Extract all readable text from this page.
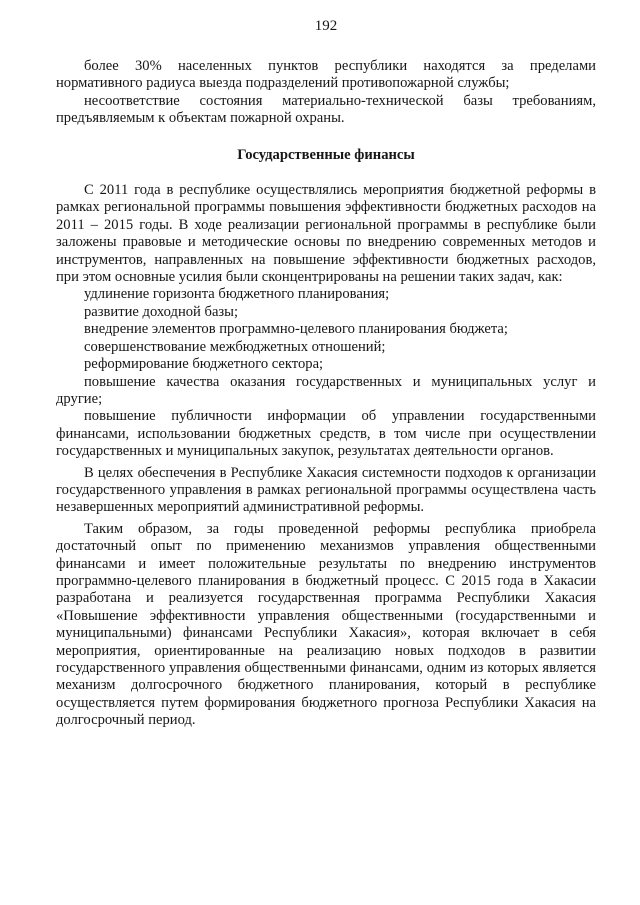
192

более 30% населенных пунктов республики находятся за пределами нормативного радиуса выезда подразделений противопожарной службы;

несоответствие состояния материально-технической базы требованиям, предъявляемым к объектам пожарной охраны.

Государственные финансы

С 2011 года в республике осуществлялись мероприятия бюджетной реформы в рамках региональной программы повышения эффективности бюджетных расходов на 2011 – 2015 годы. В ходе реализации региональной программы в республике были заложены правовые и методические основы по внедрению современных методов и инструментов, направленных на повышение эффективности бюджетных расходов, при этом основные усилия были сконцентрированы на решении таких задач, как:

удлинение горизонта бюджетного планирования;

развитие доходной базы;

внедрение элементов программно-целевого планирования бюджета;

совершенствование межбюджетных отношений;

реформирование бюджетного сектора;

повышение качества оказания государственных и муниципальных услуг и другие;

повышение публичности информации об управлении государственными финансами, использовании бюджетных средств, в том числе при осуществлении государственных и муниципальных закупок, результатах деятельности органов.

В целях обеспечения в Республике Хакасия системности подходов к организации государственного управления в рамках региональной программы осуществлена часть незавершенных мероприятий административной реформы.

Таким образом, за годы проведенной реформы республика приобрела достаточный опыт по применению механизмов управления общественными финансами и имеет положительные результаты по внедрению инструментов программно-целевого планирования в бюджетный процесс. С 2015 года в Хакасии разработана и реализуется государственная программа Республики Хакасия «Повышение эффективности управления общественными (государственными и муниципальными) финансами Республики Хакасия», которая включает в себя мероприятия, ориентированные на реализацию новых подходов в развитии государственного управления общественными финансами, одним из которых является механизм долгосрочного бюджетного планирования, который в республике осуществляется путем формирования бюджетного прогноза Республики Хакасия на долгосрочный период.
